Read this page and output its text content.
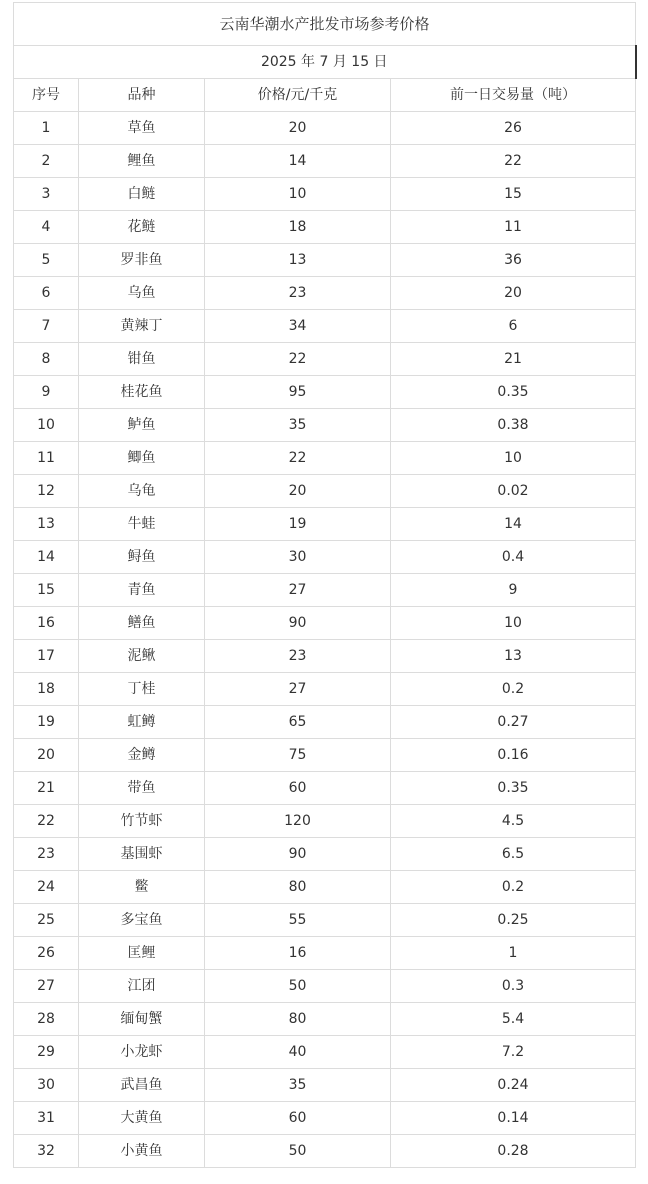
云南华潮水产批发市场参考价格			
2025 年 7 月 15 日			
序号	品种	价格/元/千克	前一日交易量（吨）
1	草鱼	20	26
2	鲤鱼	14	22
3	白鲢	10	15
4	花鲢	18	11
5	罗非鱼	13	36
6	乌鱼	23	20
7	黄辣丁	34	6
8	钳鱼	22	21
9	桂花鱼	95	0.35
10	鲈鱼	35	0.38
11	鲫鱼	22	10
12	乌龟	20	0.02
13	牛蛙	19	14
14	鲟鱼	30	0.4
15	青鱼	27	9
16	鳝鱼	90	10
17	泥鳅	23	13
18	丁桂	27	0.2
19	虹鳟	65	0.27
20	金鳟	75	0.16
21	带鱼	60	0.35
22	竹节虾	120	4.5
23	基围虾	90	6.5
24	鳖	80	0.2
25	多宝鱼	55	0.25
26	匡鲤	16	1
27	江团	50	0.3
28	缅甸蟹	80	5.4
29	小龙虾	40	7.2
30	武昌鱼	35	0.24
31	大黄鱼	60	0.14
32	小黄鱼	50	0.28
